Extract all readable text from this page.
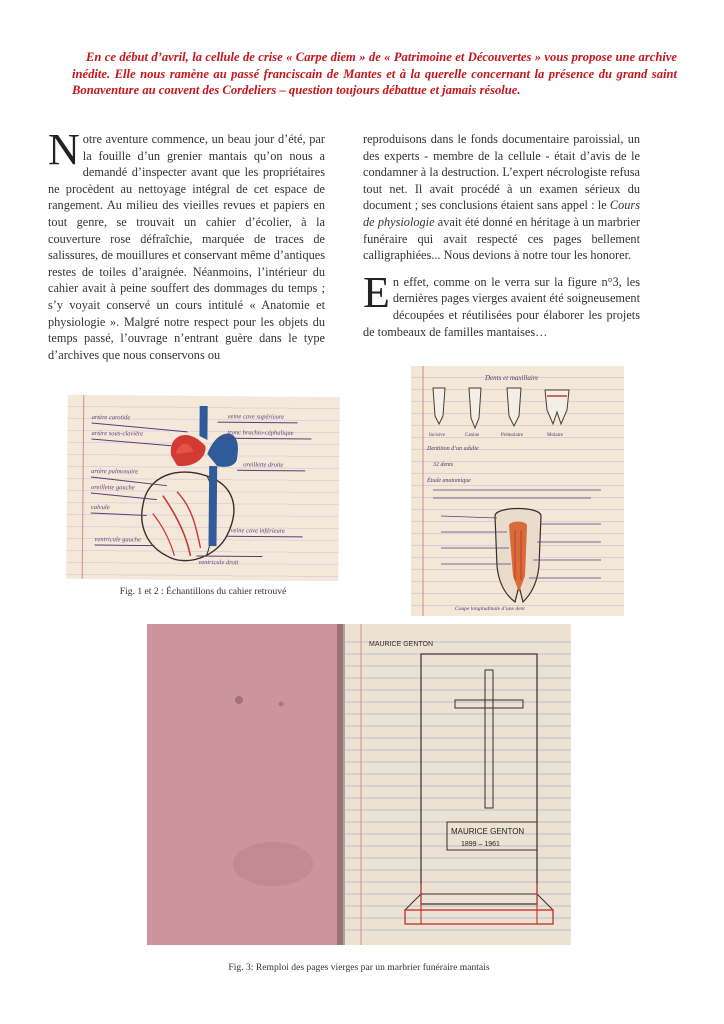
En ce début d’avril, la cellule de crise « Carpe diem » de « Patrimoine et Découvertes » vous propose une archive inédite. Elle nous ramène au passé franciscain de Mantes et à la querelle concernant la présence du grand saint Bonaventure au couvent des Cordeliers – question toujours débattue et jamais résolue.

Notre aventure commence, un beau jour d’été, par la fouille d’un grenier mantais qu’on nous a demandé d’inspecter avant que les propriétaires ne procèdent au nettoyage intégral de cet espace de rangement. Au milieu des vieilles revues et papiers en tout genre, se trouvait un cahier d’écolier, à la couverture rose défraîchie, marquée de traces de salissures, de mouillures et conservant même d’antiques restes de toiles d’araignée. Néanmoins, l’intérieur du cahier avait à peine souffert des dommages du temps ; s’y voyait conservé un cours intitulé « Anatomie et physiologie ». Malgré notre respect pour les objets du temps passé, l’ouvrage n’entrant guère dans le type d’archives que nous conservons ou

reproduisons dans le fonds documentaire paroissial, un des experts - membre de la cellule - était d’avis de le condamner à la destruction. L’expert nécrologiste refusa tout net. Il avait procédé à un examen sérieux du document ; ses conclusions étaient sans appel : le Cours de physiologie avait été donné en héritage à un marbrier funéraire qui avait respecté ces pages bellement calligraphiées... Nous devions à notre tour les honorer.

En effet, comme on le verra sur la figure n°3, les dernières pages vierges avaient été soigneusement découpées et réutilisées pour élaborer les projets de tombeaux de familles mantaises…

artère carotide
artère sous-clavière
artère pulmonaire
oreillette gauche
valvule
ventricule gauche
veine cave supérieure
tronc brachio-céphalique
oreillette droite
veine cave inférieure
ventricule droit
Fig. 1 et 2 : Échantillons du cahier retrouvé
Dents et maxillaire
Incisive	Canine	Prémolaire	Molaire
Dentition d’un adulte
32 dents
Étude anatomique
Coupe longitudinale d’une dent
MAURICE GENTON
MAURICE GENTON
1899 – 1961
Fig. 3: Remploi des pages vierges par un marbrier funéraire mantais
